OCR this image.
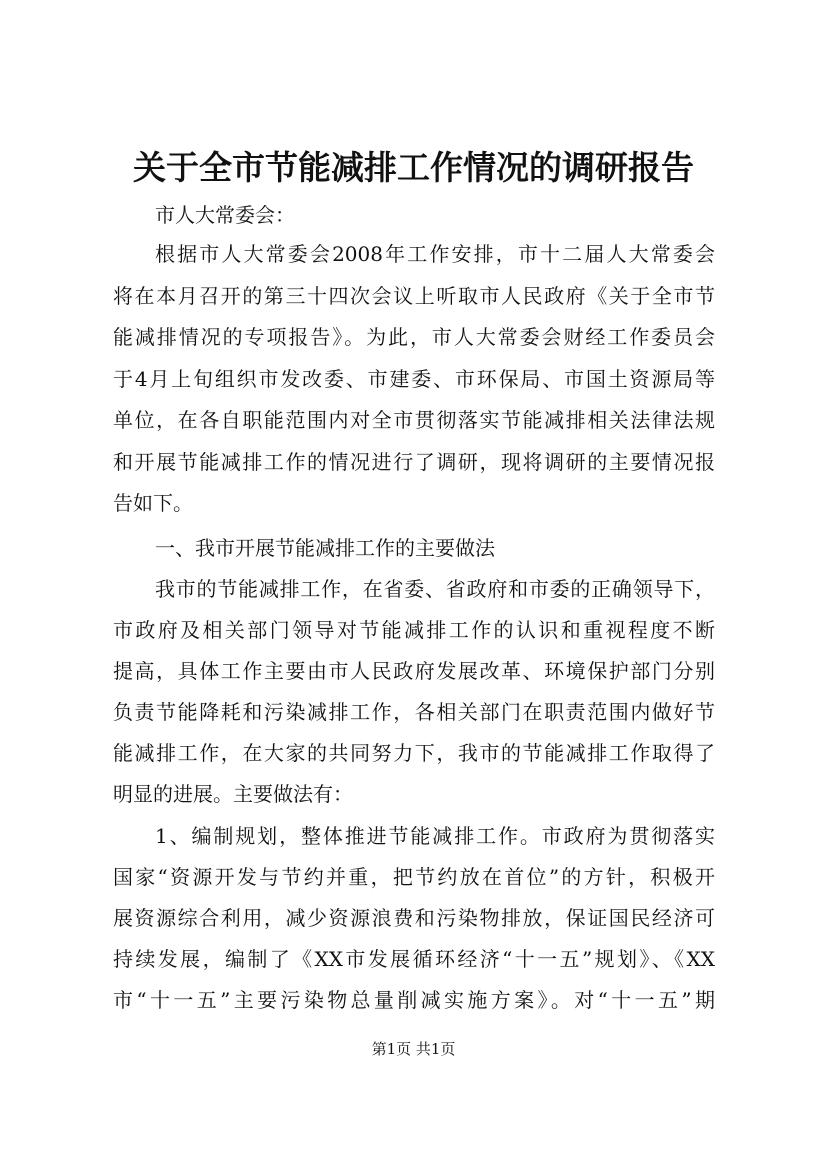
关于全市节能减排工作情况的调研报告
市人大常委会：
根据市人大常委会2008年工作安排，市十二届人大常委会
将在本月召开的第三十四次会议上听取市人民政府《关于全市节
能减排情况的专项报告》。为此，市人大常委会财经工作委员会
于4月上旬组织市发改委、市建委、市环保局、市国土资源局等
单位，在各自职能范围内对全市贯彻落实节能减排相关法律法规
和开展节能减排工作的情况进行了调研，现将调研的主要情况报
告如下。
一、我市开展节能减排工作的主要做法
我市的节能减排工作，在省委、省政府和市委的正确领导下，
市政府及相关部门领导对节能减排工作的认识和重视程度不断
提高，具体工作主要由市人民政府发展改革、环境保护部门分别
负责节能降耗和污染减排工作，各相关部门在职责范围内做好节
能减排工作，在大家的共同努力下，我市的节能减排工作取得了
明显的进展。主要做法有：
1、编制规划，整体推进节能减排工作。市政府为贯彻落实
国家“资源开发与节约并重，把节约放在首位”的方针，积极开
展资源综合利用，减少资源浪费和污染物排放，保证国民经济可
持续发展，编制了《XX市发展循环经济“十一五”规划》、《XX
市“十一五”主要污染物总量削减实施方案》。对“十一五”期
第1页 共1页
